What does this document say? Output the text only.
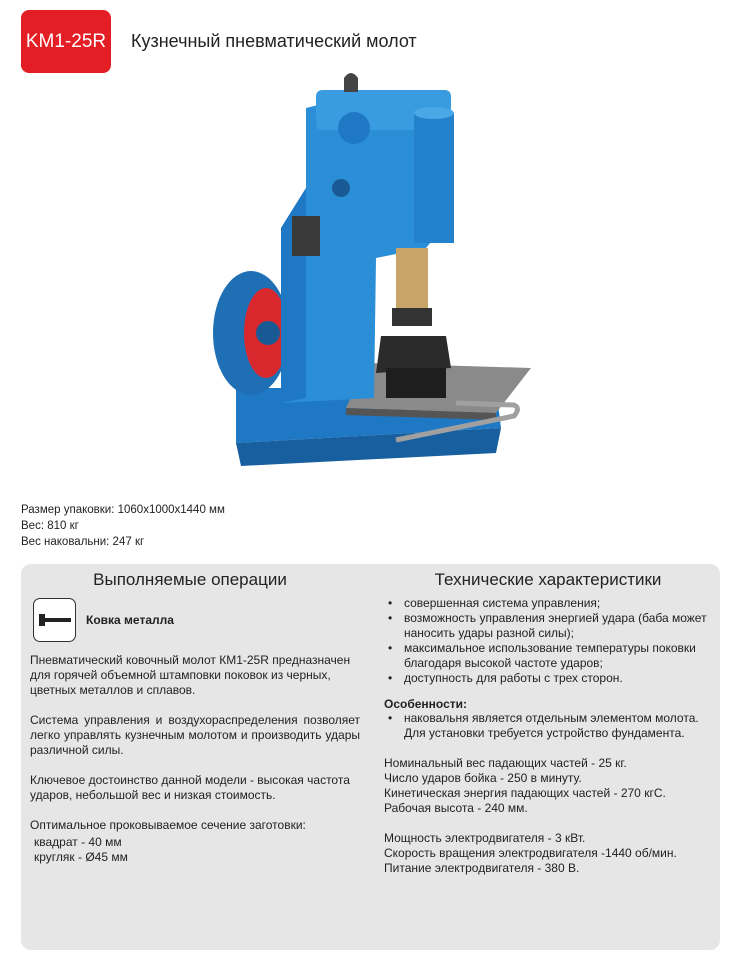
KM1-25R Кузнечный пневматический молот
Размер упаковки: 1060x1000x1440 мм
Вес: 810 кг
Вес наковальни: 247 кг
Выполняемые операции
Ковка металла

Пневматический ковочный молот КМ1-25R предназначен для горячей объемной штамповки поковок из черных, цветных металлов и сплавов.

Система управления и воздухораспределения позволяет легко управлять кузнечным молотом и производить удары различной силы.

Ключевое достоинство данной модели - высокая частота ударов, небольшой вес и низкая стоимость.

Оптимальное проковываемое сечение заготовки:

квадрат - 40 мм

кругляк - Ø45 мм

Технические характеристики
• совершенная система управления;
• возможность управления энергией удара (баба может наносить удары разной силы);
• максимальное использование температуры поковки благодаря высокой частоте ударов;
• доступность для работы с трех сторон.
Особенности:
• наковальня является отдельным элементом молота. Для установки требуется устройство фундамента.
Номинальный вес падающих частей - 25 кг.
Число ударов бойка - 250 в минуту.
Кинетическая энергия падающих частей - 270 кгС.
Рабочая высота - 240 мм.
Мощность электродвигателя - 3 кВт.
Скорость вращения электродвигателя -1440 об/мин.
Питание электродвигателя - 380 В.
